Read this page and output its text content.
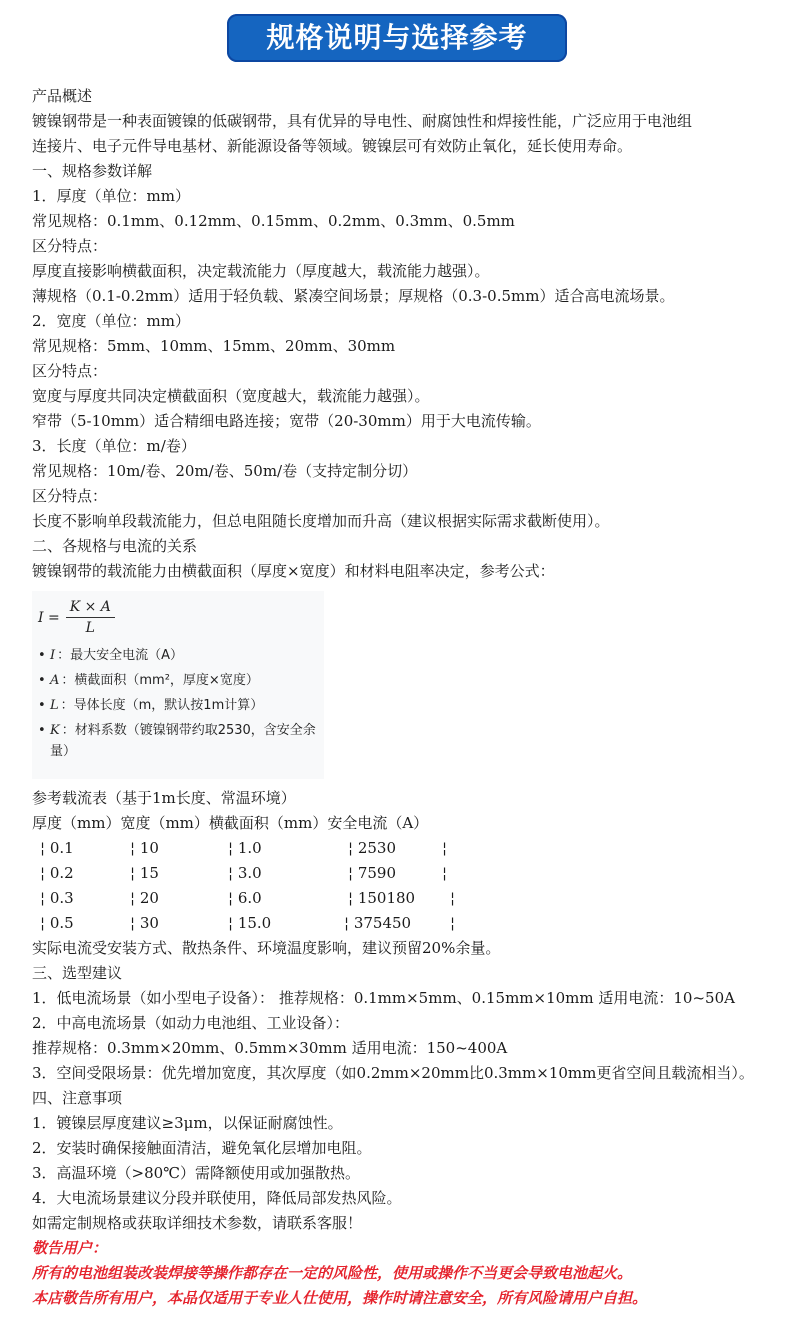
规格说明与选择参考
产品概述
镀镍钢带是一种表面镀镍的低碳钢带，具有优异的导电性、耐腐蚀性和焊接性能，广泛应用于电池组
连接片、电子元件导电基材、新能源设备等领域。镀镍层可有效防止氧化，延长使用寿命。
一、规格参数详解
1．厚度（单位：mm）
常见规格：0.1mm、0.12mm、0.15mm、0.2mm、0.3mm、0.5mm
区分特点：
厚度直接影响横截面积，决定载流能力（厚度越大，载流能力越强）。
薄规格（0.1-0.2mm）适用于轻负载、紧凑空间场景；厚规格（0.3-0.5mm）适合高电流场景。
2．宽度（单位：mm）
常见规格：5mm、10mm、15mm、20mm、30mm
区分特点：
宽度与厚度共同决定横截面积（宽度越大，载流能力越强）。
窄带（5-10mm）适合精细电路连接；宽带（20-30mm）用于大电流传输。
3．长度（单位：m/卷）
常见规格：10m/卷、20m/卷、50m/卷（支持定制分切）
区分特点：
长度不影响单段载流能力，但总电阻随长度增加而升高（建议根据实际需求截断使用）。
二、各规格与电流的关系
镀镍钢带的载流能力由横截面积（厚度×宽度）和材料电阻率决定，参考公式：
$I = \frac{K \times A}{L}$
• I ：最大安全电流（A）
• A ：横截面积（mm²，厚度×宽度）
• L ：导体长度（m，默认按1m计算）
• K ：材料系数（镀镍钢带约取2530，含安全余量）
参考载流表（基于1m长度、常温环境）
厚度（mm）宽度（mm）横截面积（mm）安全电流（A）
¦ 0.1	¦ 10	¦ 1.0	¦ 2530	¦
¦ 0.2	¦ 15	¦ 3.0	¦ 7590	¦
¦ 0.3	¦ 20	¦ 6.0	¦ 150180 ¦
¦ 0.5	¦ 30	¦ 15.0	¦ 375450	¦
实际电流受安装方式、散热条件、环境温度影响，建议预留20%余量。
三、选型建议
1．低电流场景（如小型电子设备）： 推荐规格：0.1mm×5mm、0.15mm×10mm 适用电流：10~50A
2．中高电流场景（如动力电池组、工业设备）：
推荐规格：0.3mm×20mm、0.5mm×30mm 适用电流：150~400A
3．空间受限场景：优先增加宽度，其次厚度（如0.2mm×20mm比0.3mm×10mm更省空间且载流相当）。
四、注意事项
1．镀镍层厚度建议≥3μm，以保证耐腐蚀性。
2．安装时确保接触面清洁，避免氧化层增加电阻。
3．高温环境（>80℃）需降额使用或加强散热。
4．大电流场景建议分段并联使用，降低局部发热风险。
如需定制规格或获取详细技术参数，请联系客服！
敬告用户：
所有的电池组装改装焊接等操作都存在一定的风险性，使用或操作不当更会导致电池起火。
本店敬告所有用户，本品仅适用于专业人仕使用，操作时请注意安全，所有风险请用户自担。
